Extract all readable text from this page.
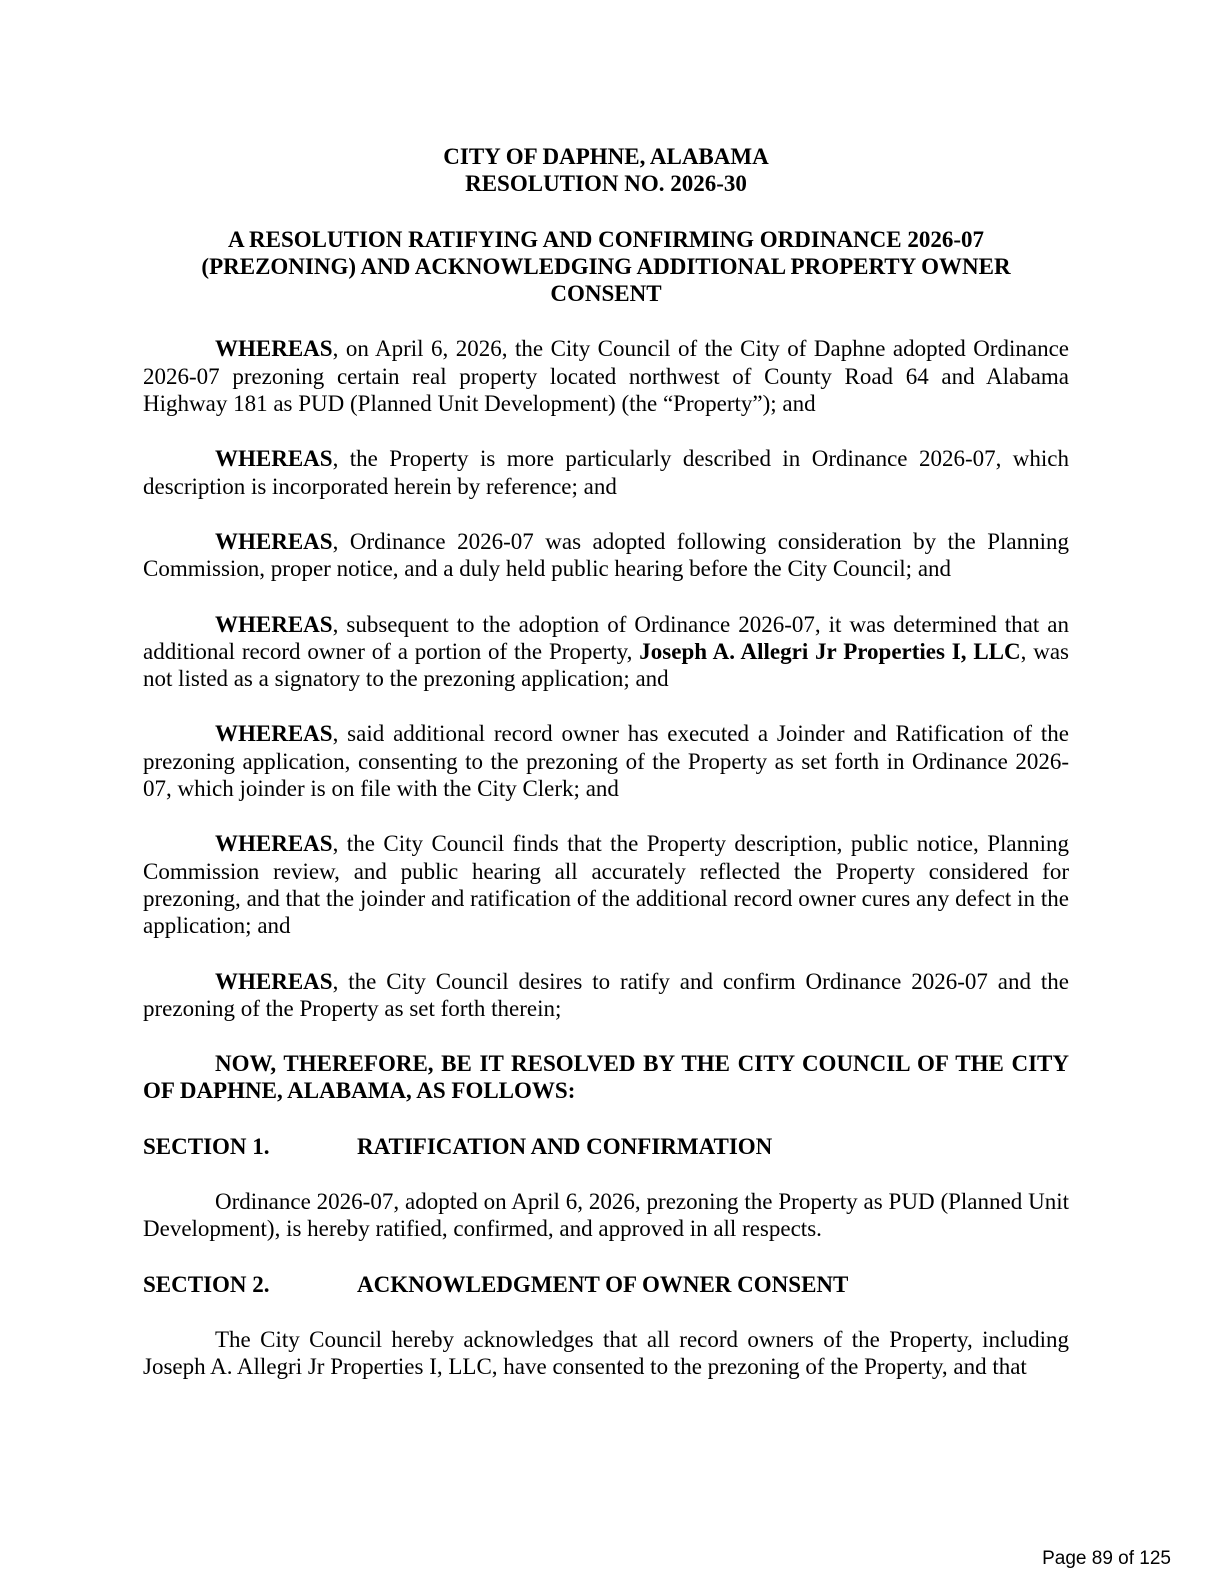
CITY OF DAPHNE, ALABAMA
RESOLUTION NO. 2026-30
A RESOLUTION RATIFYING AND CONFIRMING ORDINANCE 2026-07
(PREZONING) AND ACKNOWLEDGING ADDITIONAL PROPERTY OWNER
CONSENT

WHEREAS, on April 6, 2026, the City Council of the City of Daphne adopted Ordinance 2026-07 prezoning certain real property located northwest of County Road 64 and Alabama Highway 181 as PUD (Planned Unit Development) (the “Property”); and

WHEREAS, the Property is more particularly described in Ordinance 2026-07, which description is incorporated herein by reference; and

WHEREAS, Ordinance 2026-07 was adopted following consideration by the Planning Commission, proper notice, and a duly held public hearing before the City Council; and

WHEREAS, subsequent to the adoption of Ordinance 2026-07, it was determined that an additional record owner of a portion of the Property, Joseph A. Allegri Jr Properties I, LLC, was not listed as a signatory to the prezoning application; and

WHEREAS, said additional record owner has executed a Joinder and Ratification of the prezoning application, consenting to the prezoning of the Property as set forth in Ordinance 2026-07, which joinder is on file with the City Clerk; and

WHEREAS, the City Council finds that the Property description, public notice, Planning Commission review, and public hearing all accurately reflected the Property considered for prezoning, and that the joinder and ratification of the additional record owner cures any defect in the application; and

WHEREAS, the City Council desires to ratify and confirm Ordinance 2026-07 and the prezoning of the Property as set forth therein;

NOW, THEREFORE, BE IT RESOLVED BY THE CITY COUNCIL OF THE CITY OF DAPHNE, ALABAMA, AS FOLLOWS:

SECTION 1.	RATIFICATION AND CONFIRMATION

Ordinance 2026-07, adopted on April 6, 2026, prezoning the Property as PUD (Planned Unit Development), is hereby ratified, confirmed, and approved in all respects.

SECTION 2.	ACKNOWLEDGMENT OF OWNER CONSENT

The City Council hereby acknowledges that all record owners of the Property, including Joseph A. Allegri Jr Properties I, LLC, have consented to the prezoning of the Property, and that

Page 89 of 125
